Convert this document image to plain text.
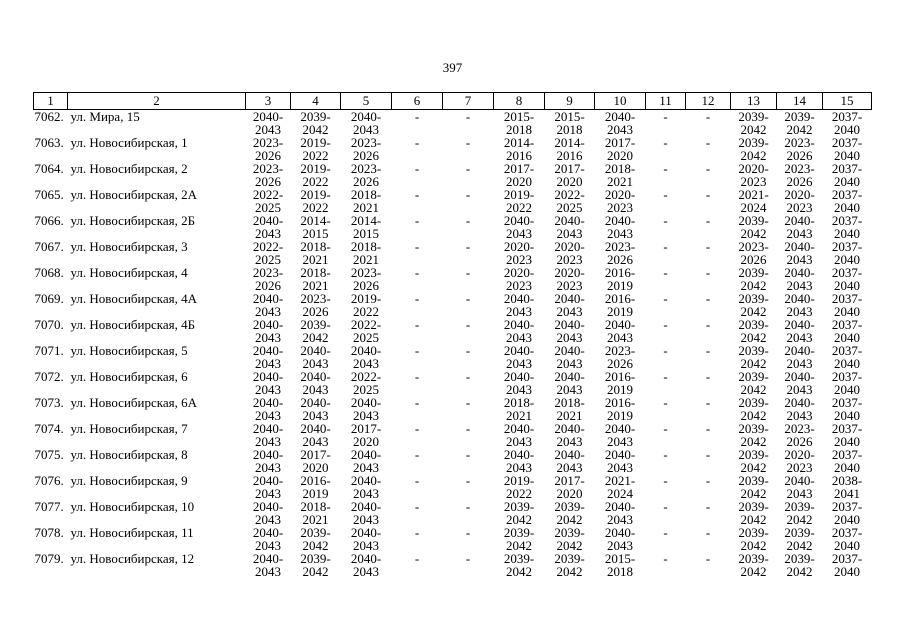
397
1	2	3	4	5	6	7	8	9	10	11	12	13	14	15
7062.	ул. Мира, 15	2040-2043	2039-2042	2040-2043	-	-	2015-2018	2015-2018	2040-2043	-	-	2039-2042	2039-2042	2037-2040
7063.	ул. Новосибирская, 1	2023-2026	2019-2022	2023-2026	-	-	2014-2016	2014-2016	2017-2020	-	-	2039-2042	2023-2026	2037-2040
7064.	ул. Новосибирская, 2	2023-2026	2019-2022	2023-2026	-	-	2017-2020	2017-2020	2018-2021	-	-	2020-2023	2023-2026	2037-2040
7065.	ул. Новосибирская, 2А	2022-2025	2019-2022	2018-2021	-	-	2019-2022	2022-2025	2020-2023	-	-	2021-2024	2020-2023	2037-2040
7066.	ул. Новосибирская, 2Б	2040-2043	2014-2015	2014-2015	-	-	2040-2043	2040-2043	2040-2043	-	-	2039-2042	2040-2043	2037-2040
7067.	ул. Новосибирская, 3	2022-2025	2018-2021	2018-2021	-	-	2020-2023	2020-2023	2023-2026	-	-	2023-2026	2040-2043	2037-2040
7068.	ул. Новосибирская, 4	2023-2026	2018-2021	2023-2026	-	-	2020-2023	2020-2023	2016-2019	-	-	2039-2042	2040-2043	2037-2040
7069.	ул. Новосибирская, 4А	2040-2043	2023-2026	2019-2022	-	-	2040-2043	2040-2043	2016-2019	-	-	2039-2042	2040-2043	2037-2040
7070.	ул. Новосибирская, 4Б	2040-2043	2039-2042	2022-2025	-	-	2040-2043	2040-2043	2040-2043	-	-	2039-2042	2040-2043	2037-2040
7071.	ул. Новосибирская, 5	2040-2043	2040-2043	2040-2043	-	-	2040-2043	2040-2043	2023-2026	-	-	2039-2042	2040-2043	2037-2040
7072.	ул. Новосибирская, 6	2040-2043	2040-2043	2022-2025	-	-	2040-2043	2040-2043	2016-2019	-	-	2039-2042	2040-2043	2037-2040
7073.	ул. Новосибирская, 6А	2040-2043	2040-2043	2040-2043	-	-	2018-2021	2018-2021	2016-2019	-	-	2039-2042	2040-2043	2037-2040
7074.	ул. Новосибирская, 7	2040-2043	2040-2043	2017-2020	-	-	2040-2043	2040-2043	2040-2043	-	-	2039-2042	2023-2026	2037-2040
7075.	ул. Новосибирская, 8	2040-2043	2017-2020	2040-2043	-	-	2040-2043	2040-2043	2040-2043	-	-	2039-2042	2020-2023	2037-2040
7076.	ул. Новосибирская, 9	2040-2043	2016-2019	2040-2043	-	-	2019-2022	2017-2020	2021-2024	-	-	2039-2042	2040-2043	2038-2041
7077.	ул. Новосибирская, 10	2040-2043	2018-2021	2040-2043	-	-	2039-2042	2039-2042	2040-2043	-	-	2039-2042	2039-2042	2037-2040
7078.	ул. Новосибирская, 11	2040-2043	2039-2042	2040-2043	-	-	2039-2042	2039-2042	2040-2043	-	-	2039-2042	2039-2042	2037-2040
7079.	ул. Новосибирская, 12	2040-2043	2039-2042	2040-2043	-	-	2039-2042	2039-2042	2015-2018	-	-	2039-2042	2039-2042	2037-2040
